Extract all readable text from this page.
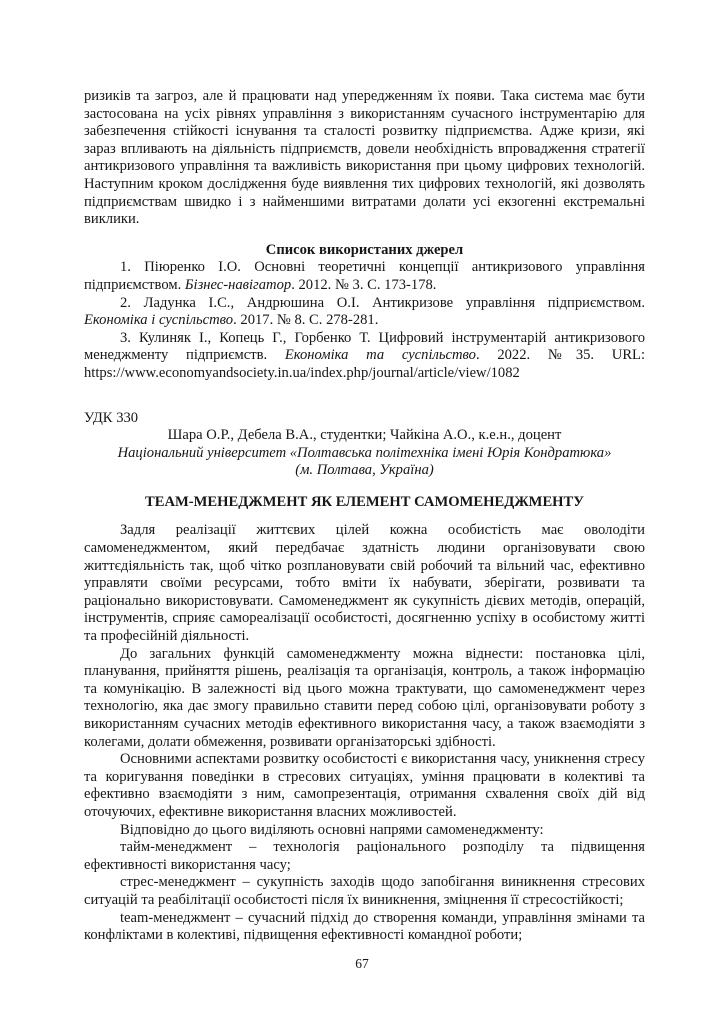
ризиків та загроз, але й працювати над упередженням їх появи. Така система має бути застосована на усіх рівнях управління з використанням сучасного інструментарію для забезпечення стійкості існування та сталості розвитку підприємства. Адже кризи, які зараз впливають на діяльність підприємств, довели необхідність впровадження стратегії антикризового управління та важливість використання при цьому цифрових технологій. Наступним кроком дослідження буде виявлення тих цифрових технологій, які дозволять підприємствам швидко і з найменшими витратами долати усі екзогенні екстремальні виклики.

Список використаних джерел

1. Піюренко І.О. Основні теоретичні концепції антикризового управління підприємством. Бізнес-навігатор. 2012. № 3. С. 173-178.

2. Ладунка І.С., Андрюшина О.І. Антикризове управління підприємством. Економіка і суспільство. 2017. № 8. С. 278-281.

3. Кулиняк І., Копець Г., Горбенко Т. Цифровий інструментарій антикризового менеджменту підприємств. Економіка та суспільство. 2022. №35. URL: https://www.economyandsociety.in.ua/index.php/journal/article/view/1082

УДК 330

Шара О.Р., Дебела В.А., студентки; Чайкіна А.О., к.е.н., доцент

Національний університет «Полтавська політехніка імені Юрія Кондратюка»

(м. Полтава, Україна)

ТЕАМ-МЕНЕДЖМЕНТ ЯК ЕЛЕМЕНТ САМОМЕНЕДЖМЕНТУ

Задля реалізації життєвих цілей кожна особистість має оволодіти самоменеджментом, який передбачає здатність людини організовувати свою життєдіяльність так, щоб чітко розплановувати свій робочий та вільний час, ефективно управляти своїми ресурсами, тобто вміти їх набувати, зберігати, розвивати та раціонально використовувати. Самоменеджмент як сукупність дієвих методів, операцій, інструментів, сприяє самореалізації особистості, досягненню успіху в особистому житті та професійній діяльності.

До загальних функцій самоменеджменту можна віднести: постановка цілі, планування, прийняття рішень, реалізація та організація, контроль, а також інформацію та комунікацію. В залежності від цього можна трактувати, що самоменеджмент через технологію, яка дає змогу правильно ставити перед собою цілі, організовувати роботу з використанням сучасних методів ефективного використання часу, а також взаємодіяти з колегами, долати обмеження, розвивати організаторські здібності.

Основними аспектами розвитку особистості є використання часу, уникнення стресу та коригування поведінки в стресових ситуаціях, уміння працювати в колективі та ефективно взаємодіяти з ним, самопрезентація, отримання схвалення своїх дій від оточуючих, ефективне використання власних можливостей.

Відповідно до цього виділяють основні напрями самоменеджменту:

тайм-менеджмент – технологія раціонального розподілу та підвищення ефективності використання часу;

стрес-менеджмент – сукупність заходів щодо запобігання виникнення стресових ситуацій та реабілітації особистості після їх виникнення, зміцнення її стресостійкості;

team-менеджмент – сучасний підхід до створення команди, управління змінами та конфліктами в колективі, підвищення ефективності командної роботи;

67
